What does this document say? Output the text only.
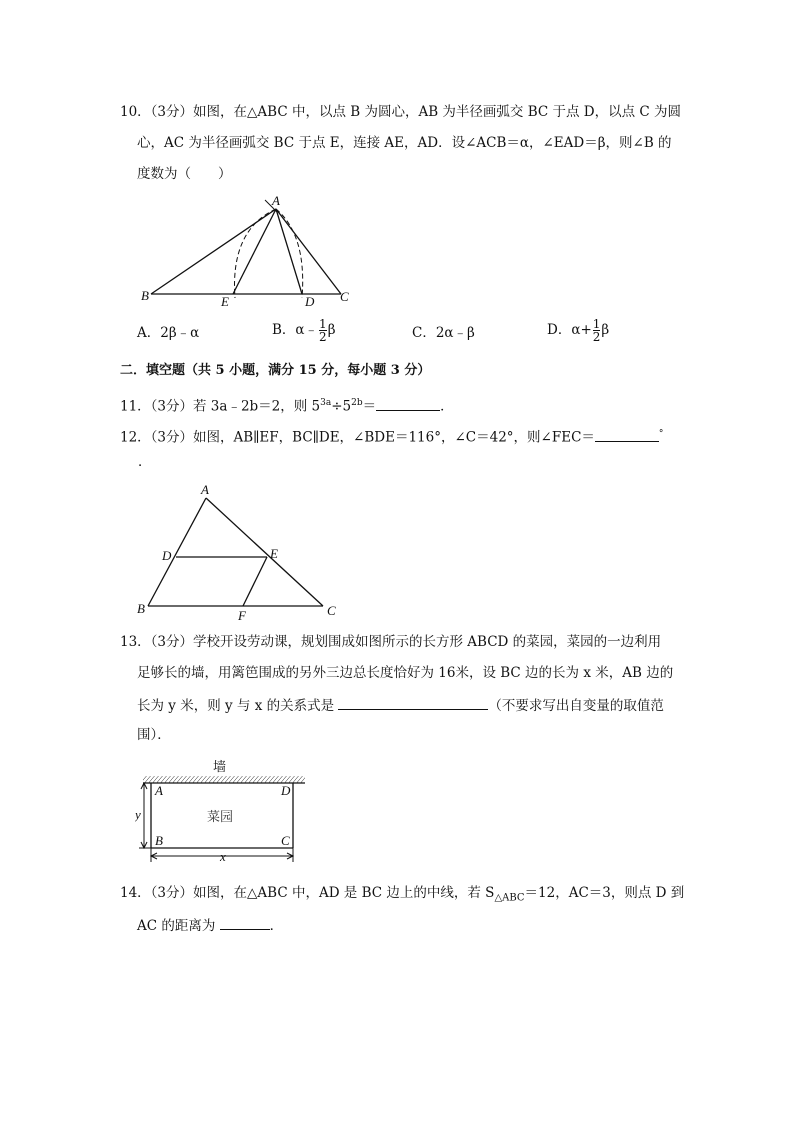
10．（3分）如图，在△ABC 中，以点 B 为圆心，AB 为半径画弧交 BC 于点 D，以点 C 为圆
心，AC 为半径画弧交 BC 于点 E，连接 AE，AD．设∠ACB＝α，∠EAD＝β，则∠B 的
度数为（　　）
A
B	C
D
E
A．2β﹣α	B．α﹣ $\frac{1}{2}$ β	C．2α﹣β	D．$\alpha+ \frac{1}{2}$ β
二．填空题（共 5 小题，满分 15 分，每小题 3 分）
11．（3分）若 3a﹣2b＝2，则 $5^{3a}\div 5^{2b}=$	．
12．（3分）如图，AB∥EF，BC∥DE，∠BDE＝116°，∠C＝42°，则∠FEC＝	°
．
A
B	C
D	E
F
13．（3分）学校开设劳动课，规划围成如图所示的长方形 ABCD 的菜园，菜园的一边利用
足够长的墙，用篱笆围成的另外三边总长度恰好为 16米，设 BC 边的长为 x 米，AB 边的
长为 y 米，则 y 与 x 的关系式是	（不要求写出自变量的取值范
围）．
墙
A	D
B	C
菜园
x
y
14．（3分）如图，在△ABC 中，AD 是 BC 边上的中线，若 $S_{\triangle ABC}=12$，AC＝3，则点 D 到
AC 的距离为	．
